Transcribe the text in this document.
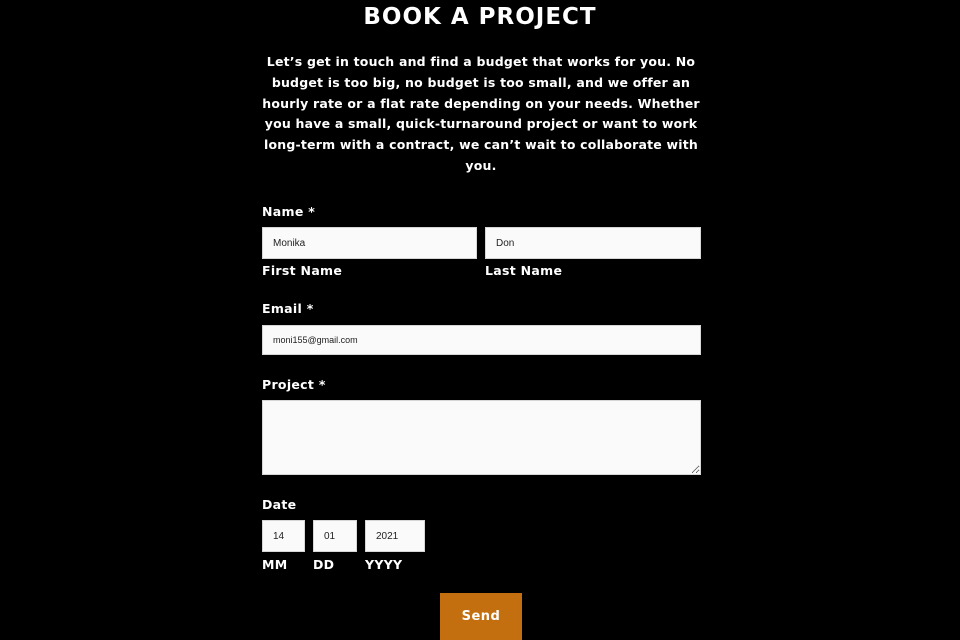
BOOK A PROJECT

Let’s get in touch and find a budget that works for you. No budget is too big, no budget is too small, and we offer an hourly rate or a flat rate depending on your needs. Whether you have a small, quick-turnaround project or want to work long-term with a contract, we can’t wait to collaborate with you.

Name *
Monika
Don
First Name	Last Name
Email *
moni155@gmail.com
Project *
Date
14
01
2021
MM DD YYYY
Send
